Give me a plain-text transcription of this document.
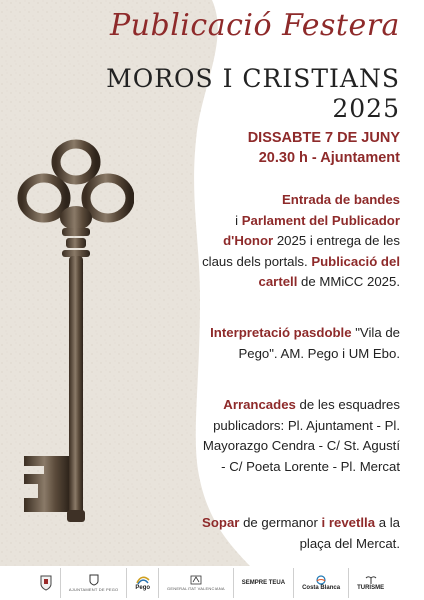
Publicació Festera
MOROS I CRISTIANS
2025
DISSABTE 7 DE JUNY
20.30 h - Ajuntament
Entrada de bandes
i Parlament del Publicador d'Honor 2025 i entrega de les claus dels portals. Publicació del cartell de MMiCC 2025.
Interpretació pasdoble "Vila de Pego". AM. Pego i UM Ebo.
Arrancades de les esquadres publicadors: Pl. Ajuntament - Pl. Mayorazgo Cendra - C/ St. Agustí - C/ Poeta Lorente - Pl. Mercat
Sopar de germanor i revetlla a la plaça del Mercat.
AJUNTAMENT DE PEGO	Pego	GENERALITAT VALENCIANA
SEMPRE TEUA
Costa Blanca	TURISME
